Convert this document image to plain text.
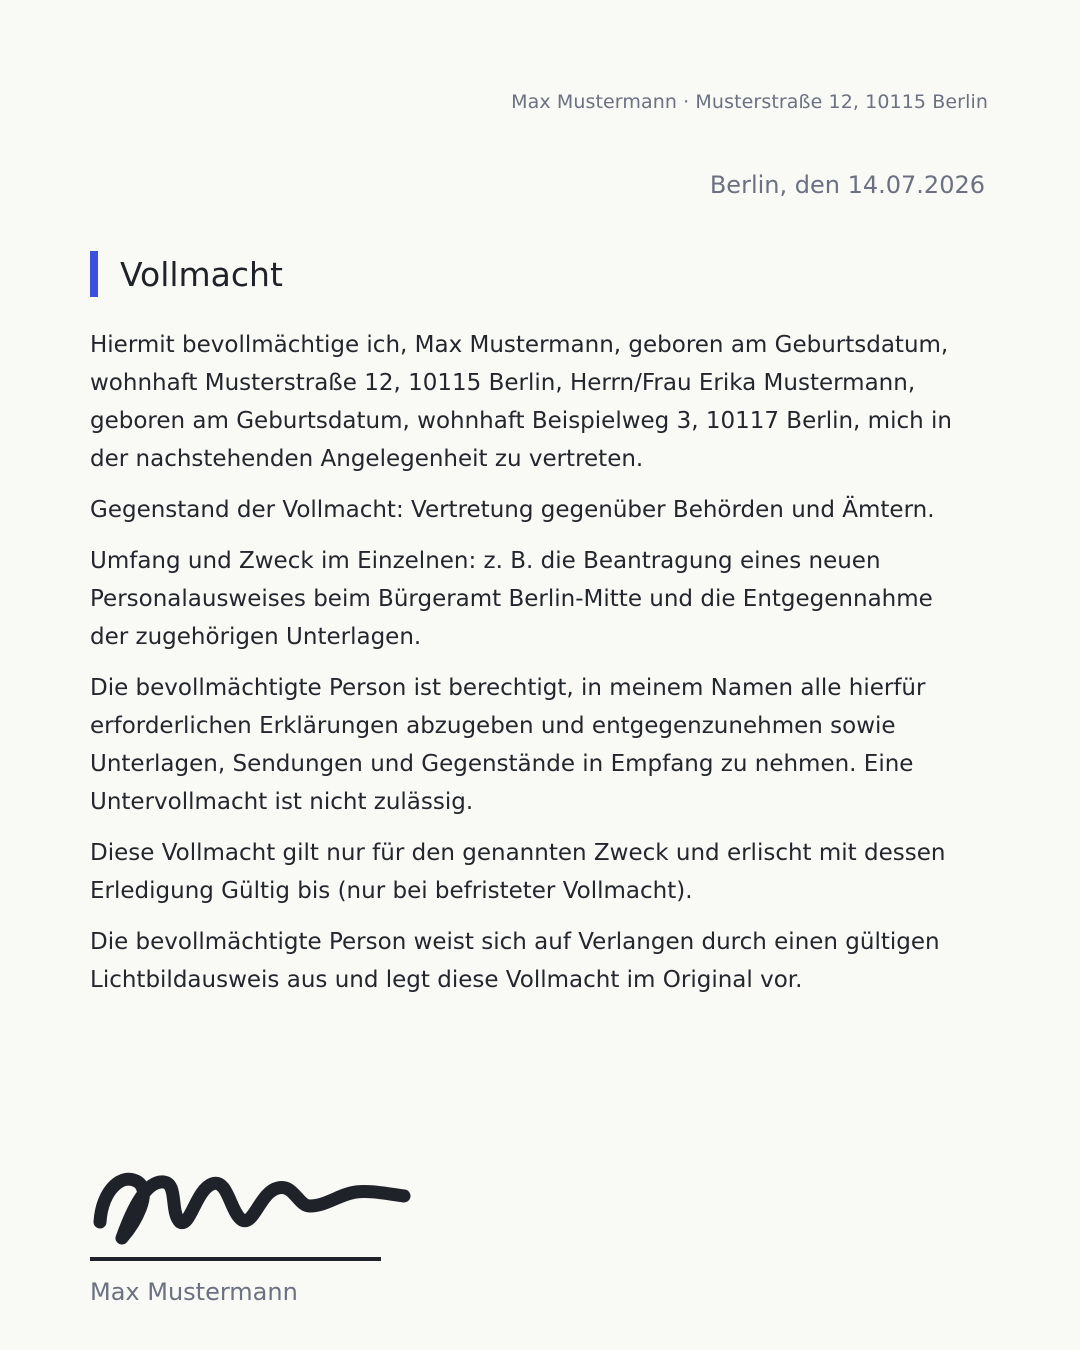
Max Mustermann · Musterstraße 12, 10115 Berlin
Berlin, den 14.07.2026
Vollmacht

Hiermit bevollmächtige ich, Max Mustermann, geboren am Geburtsdatum, wohnhaft Musterstraße 12, 10115 Berlin, Herrn/Frau Erika Mustermann, geboren am Geburtsdatum, wohnhaft Beispielweg 3, 10117 Berlin, mich in der nachstehenden Angelegenheit zu vertreten.

Gegenstand der Vollmacht: Vertretung gegenüber Behörden und Ämtern.

Umfang und Zweck im Einzelnen: z. B. die Beantragung eines neuen Personalausweises beim Bürgeramt Berlin-Mitte und die Entgegennahme der zugehörigen Unterlagen.

Die bevollmächtigte Person ist berechtigt, in meinem Namen alle hierfür erforderlichen Erklärungen abzugeben und entgegenzunehmen sowie Unterlagen, Sendungen und Gegenstände in Empfang zu nehmen. Eine Untervollmacht ist nicht zulässig.

Diese Vollmacht gilt nur für den genannten Zweck und erlischt mit dessen Erledigung Gültig bis (nur bei befristeter Vollmacht).

Die bevollmächtigte Person weist sich auf Verlangen durch einen gültigen Lichtbildausweis aus und legt diese Vollmacht im Original vor.

Max Mustermann
